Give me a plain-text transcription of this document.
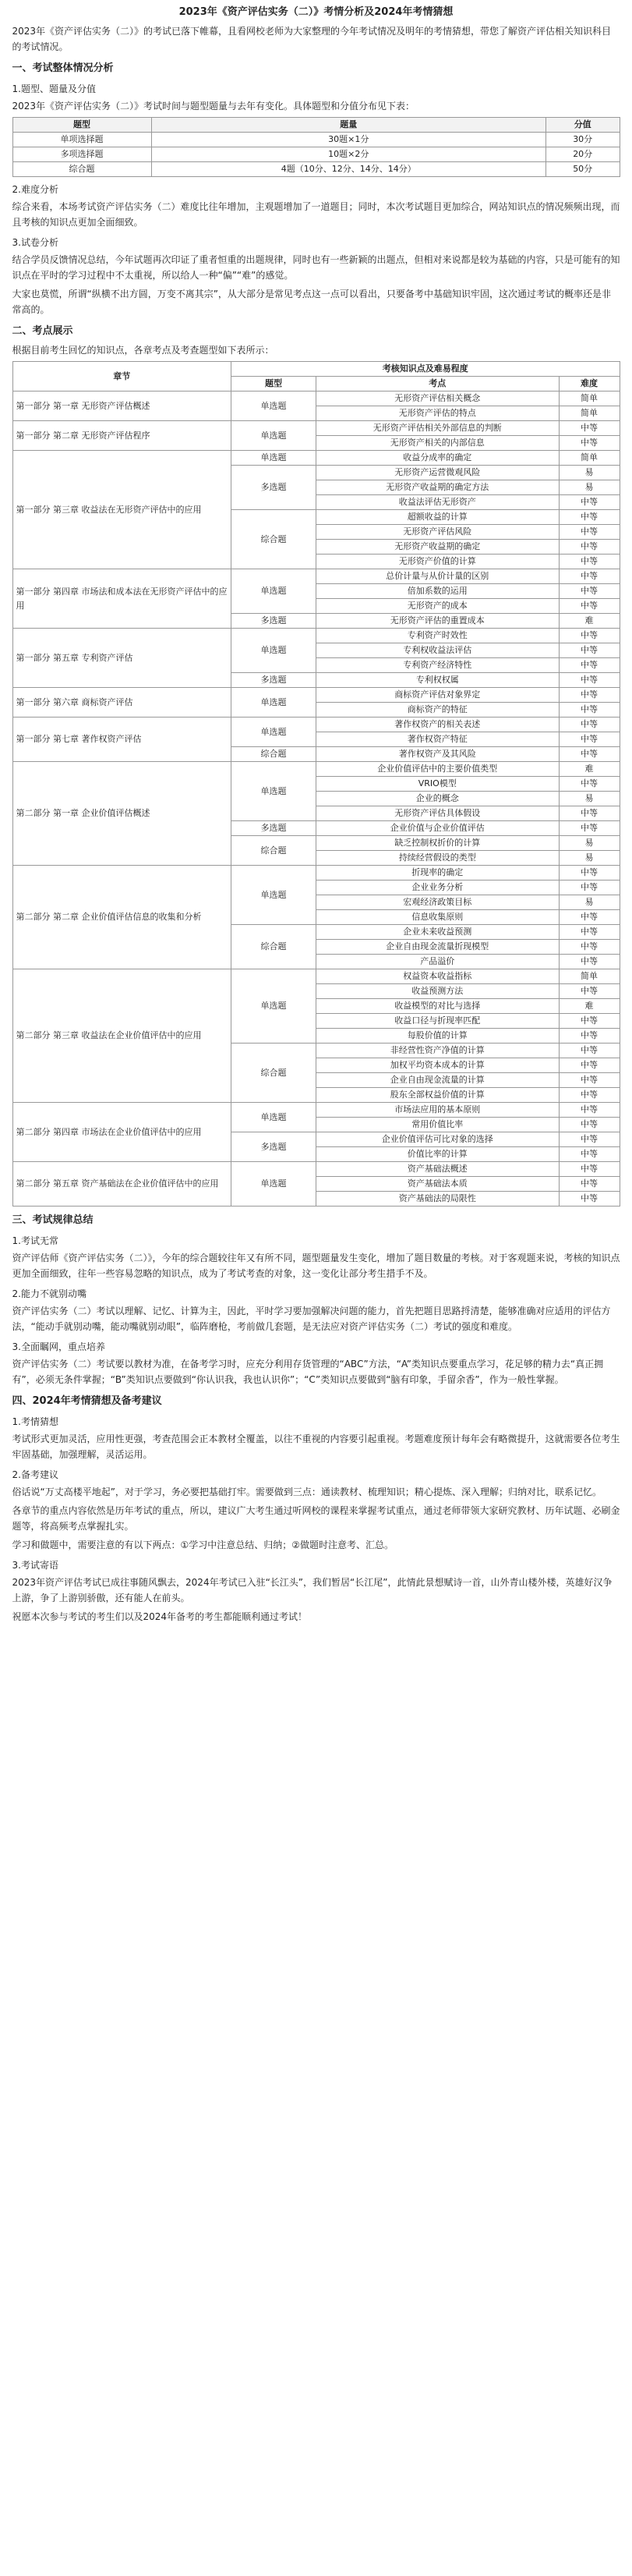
2023年《资产评估实务（二）》考情分析及2024年考情猜想

2023年《资产评估实务（二）》的考试已落下帷幕，且看网校老师为大家整理的今年考试情况及明年的考情猜想，带您了解资产评估相关知识科目的考试情况。

一、考试整体情况分析
1.题型、题量及分值

2023年《资产评估实务（二）》考试时间与题型题量与去年有变化。具体题型和分值分布见下表：

题型	题量	分值
单项选择题	30题×1分	30分
多项选择题	10题×2分	20分
综合题	4题（10分、12分、14分、14分）	50分
2.难度分析

综合来看，本场考试资产评估实务（二）难度比往年增加，主观题增加了一道题目；同时，本次考试题目更加综合，网站知识点的情况频频出现，而且考核的知识点更加全面细致。

3.试卷分析

结合学员反馈情况总结，今年试题再次印证了重者恒重的出题规律，同时也有一些新颖的出题点，但相对来说都是较为基础的内容，只是可能有的知识点在平时的学习过程中不太重视，所以给人一种“偏”“难”的感觉。

大家也莫慌，所谓“纵横不出方圆，万变不离其宗”，从大部分是常见考点这一点可以看出，只要备考中基础知识牢固，这次通过考试的概率还是非常高的。

二、考点展示

根据目前考生回忆的知识点，各章考点及考查题型如下表所示：

章节	考核知识点及难易程度		
	题型	考点	难度
第一部分 第一章 无形资产评估概述	单选题	无形资产评估相关概念	简单
		无形资产评估的特点	简单
第一部分 第二章 无形资产评估程序	单选题	无形资产评估相关外部信息的判断	中等
		无形资产相关的内部信息	中等
第一部分 第三章 收益法在无形资产评估中的应用	单选题	收益分成率的确定	简单
	多选题	无形资产运营微观风险	易
		无形资产收益期的确定方法	易
		收益法评估无形资产	中等
	综合题	超额收益的计算	中等
		无形资产评估风险	中等
		无形资产收益期的确定	中等
		无形资产价值的计算	中等
第一部分 第四章 市场法和成本法在无形资产评估中的应用	单选题	总价计量与从价计量的区别	中等
		倍加系数的运用	中等
		无形资产的成本	中等
	多选题	无形资产评估的重置成本	难
第一部分 第五章 专利资产评估	单选题	专利资产时效性	中等
		专利权收益法评估	中等
		专利资产经济特性	中等
	多选题	专利权权属	中等
第一部分 第六章 商标资产评估	单选题	商标资产评估对象界定	中等
		商标资产的特征	中等
第一部分 第七章 著作权资产评估	单选题	著作权资产的相关表述	中等
		著作权资产特征	中等
	综合题	著作权资产及其风险	中等
第二部分 第一章 企业价值评估概述	单选题	企业价值评估中的主要价值类型	难
		VRIO模型	中等
		企业的概念	易
		无形资产评估具体假设	中等
	多选题	企业价值与企业价值评估	中等
	综合题	缺乏控制权折价的计算	易
		持续经营假设的类型	易
第二部分 第二章 企业价值评估信息的收集和分析	单选题	折现率的确定	中等
		企业业务分析	中等
		宏观经济政策目标	易
		信息收集原则	中等
	综合题	企业未来收益预测	中等
		企业自由现金流量折现模型	中等
		产品溢价	中等
第二部分 第三章 收益法在企业价值评估中的应用	单选题	权益资本收益指标	简单
		收益预测方法	中等
		收益模型的对比与选择	难
		收益口径与折现率匹配	中等
		每股价值的计算	中等
	综合题	非经营性资产净值的计算	中等
		加权平均资本成本的计算	中等
		企业自由现金流量的计算	中等
		股东全部权益价值的计算	中等
第二部分 第四章 市场法在企业价值评估中的应用	单选题	市场法应用的基本原则	中等
		常用价值比率	中等
	多选题	企业价值评估可比对象的选择	中等
		价值比率的计算	中等
第二部分 第五章 资产基础法在企业价值评估中的应用	单选题	资产基础法概述	中等
		资产基础法本质	中等
		资产基础法的局限性	中等
三、考试规律总结
1.考试无常

资产评估师《资产评估实务（二）》，今年的综合题较往年又有所不同，题型题量发生变化，增加了题目数量的考核。对于客观题来说，考核的知识点更加全面细致，往年一些容易忽略的知识点，成为了考试考查的对象，这一变化让部分考生措手不及。

2.能力不就别动嘴

资产评估实务（二）考试以理解、记忆、计算为主，因此，平时学习要加强解决问题的能力，首先把题目思路捋清楚，能够准确对应适用的评估方法，“能动手就别动嘴，能动嘴就别动眼”，临阵磨枪，考前做几套题，是无法应对资产评估实务（二）考试的强度和难度。

3.全面瞩网，重点培养

资产评估实务（二）考试要以教材为准，在备考学习时，应充分利用存货管理的“ABC”方法，“A”类知识点要重点学习，花足够的精力去“真正拥有”，必须无条件掌握；“B”类知识点要做到“你认识我，我也认识你”；“C”类知识点要做到“脑有印象，手留余香”，作为一般性掌握。

四、2024年考情猜想及备考建议
1.考情猜想

考试形式更加灵活，应用性更强，考查范围会正本教材全覆盖，以往不重视的内容要引起重视。考题难度预计每年会有略微提升，这就需要各位考生牢固基础，加强理解，灵活运用。

2.备考建议

俗话说“万丈高楼平地起”，对于学习，务必要把基础打牢。需要做到三点：通读教材、梳理知识；精心提炼、深入理解；归纳对比，联系记忆。

各章节的重点内容依然是历年考试的重点，所以，建议广大考生通过听网校的课程来掌握考试重点，通过老师带领大家研究教材、历年试题、必刷金题等，将高频考点掌握扎实。

学习和做题中，需要注意的有以下两点：①学习中注意总结、归纳；②做题时注意考、汇总。

3.考试寄语

2023年资产评估考试已成往事随风飘去，2024年考试已入驻“长江头”，我们暂居“长江尾”，此情此景想赋诗一首，山外青山楼外楼，英雄好汉争上游，争了上游别骄傲，还有能人在前头。

祝愿本次参与考试的考生们以及2024年备考的考生都能顺利通过考试！
